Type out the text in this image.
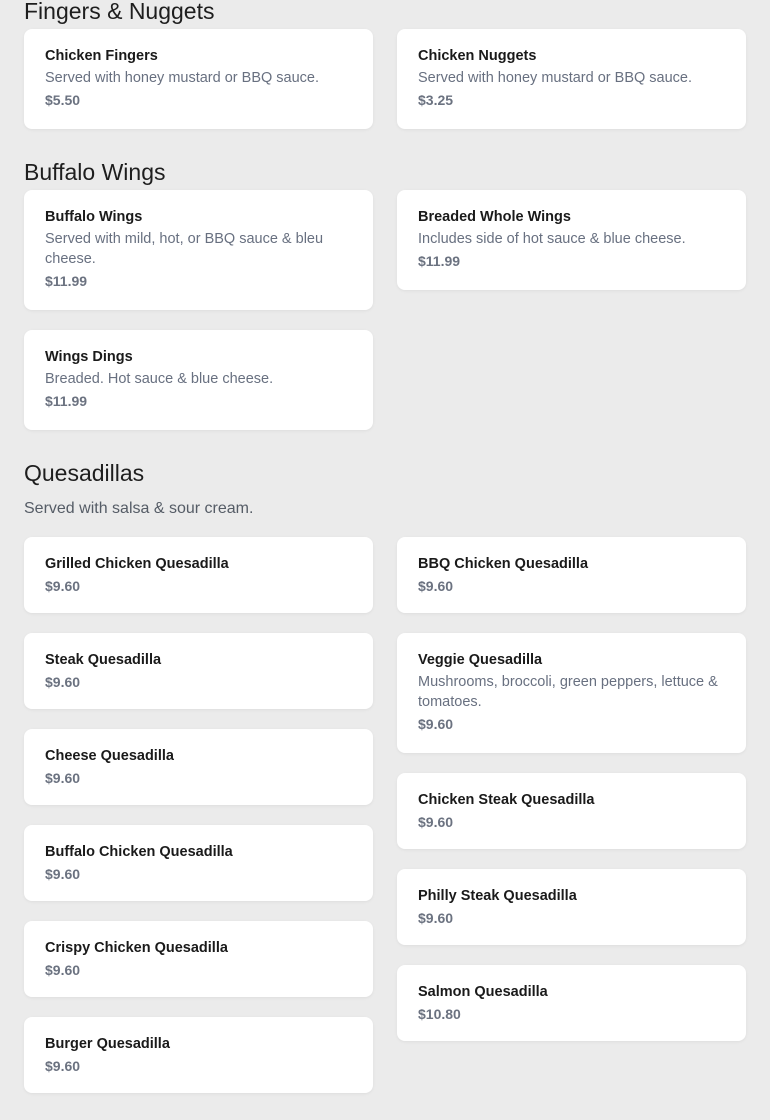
Fingers & Nuggets
Chicken Fingers
Served with honey mustard or BBQ sauce.
$5.50
Chicken Nuggets
Served with honey mustard or BBQ sauce.
$3.25
Buffalo Wings
Buffalo Wings
Served with mild, hot, or BBQ sauce & bleu cheese.
$11.99
Breaded Whole Wings
Includes side of hot sauce & blue cheese.
$11.99
Wings Dings
Breaded. Hot sauce & blue cheese.
$11.99
Quesadillas

Served with salsa & sour cream.

Grilled Chicken Quesadilla
$9.60
Steak Quesadilla
$9.60
Cheese Quesadilla
$9.60
Buffalo Chicken Quesadilla
$9.60
Crispy Chicken Quesadilla
$9.60
Burger Quesadilla
$9.60
BBQ Chicken Quesadilla
$9.60
Veggie Quesadilla
Mushrooms, broccoli, green peppers, lettuce & tomatoes.
$9.60
Chicken Steak Quesadilla
$9.60
Philly Steak Quesadilla
$9.60
Salmon Quesadilla
$10.80
